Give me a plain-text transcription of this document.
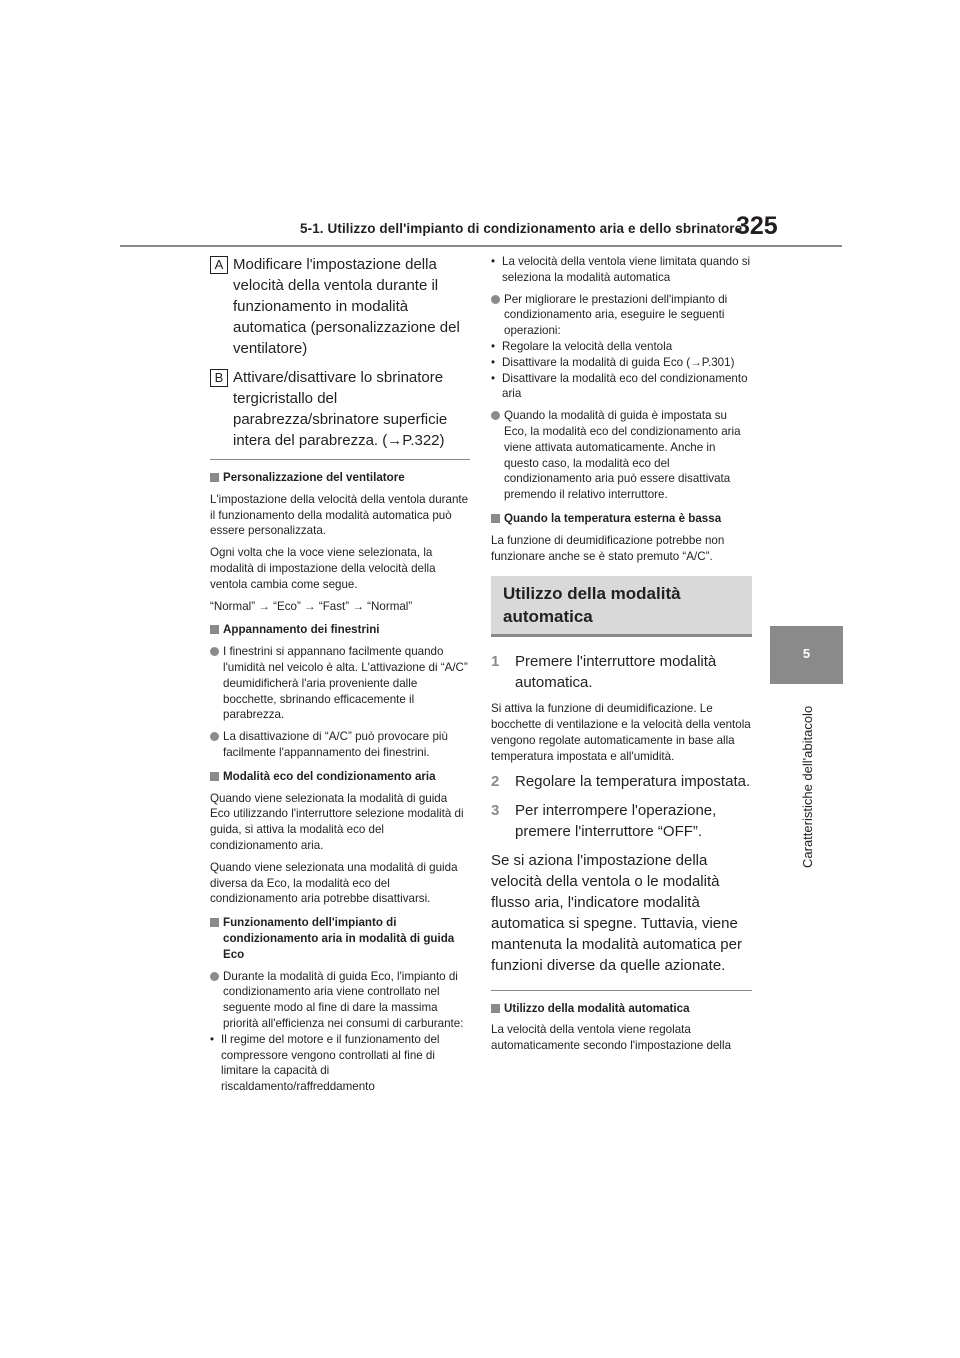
5-1. Utilizzo dell'impianto di condizionamento aria e dello sbrinatore
325
5
Caratteristiche dell'abitacolo
A Modificare l'impostazione della velocità della ventola durante il funzionamento in modalità automatica (personalizzazione del ventilatore)
B Attivare/disattivare lo sbrinatore tergicristallo del parabrezza/sbrinatore superficie intera del parabrezza. (→P.322)
Personalizzazione del ventilatore

L'impostazione della velocità della ventola durante il funzionamento della modalità automatica può essere personalizzata.

Ogni volta che la voce viene selezionata, la modalità di impostazione della velocità della ventola cambia come segue.

“Normal” → “Eco” → “Fast” → “Normal”

Appannamento dei finestrini

I finestrini si appannano facilmente quando l'umidità nel veicolo è alta. L'attivazione di “A/C” deumidificherà l'aria proveniente dalle bocchette, sbrinando efficacemente il parabrezza.

La disattivazione di “A/C” può provocare più facilmente l'appannamento dei finestrini.

Modalità eco del condizionamento aria

Quando viene selezionata la modalità di guida Eco utilizzando l'interruttore selezione modalità di guida, si attiva la modalità eco del condizionamento aria.

Quando viene selezionata una modalità di guida diversa da Eco, la modalità eco del condizionamento aria potrebbe disattivarsi.

Funzionamento dell'impianto di condizionamento aria in modalità di guida Eco

Durante la modalità di guida Eco, l'impianto di condizionamento aria viene controllato nel seguente modo al fine di dare la massima priorità all'efficienza nei consumi di carburante:

• Il regime del motore e il funzionamento del compressore vengono controllati al fine di limitare la capacità di riscaldamento/raffreddamento

• La velocità della ventola viene limitata quando si seleziona la modalità automatica

Per migliorare le prestazioni dell'impianto di condizionamento aria, eseguire le seguenti operazioni:

• Regolare la velocità della ventola

• Disattivare la modalità di guida Eco (→P.301)

• Disattivare la modalità eco del condizionamento aria

Quando la modalità di guida è impostata su Eco, la modalità eco del condizionamento aria viene attivata automaticamente. Anche in questo caso, la modalità eco del condizionamento aria può essere disattivata premendo il relativo interruttore.

Quando la temperatura esterna è bassa

La funzione di deumidificazione potrebbe non funzionare anche se è stato premuto “A/C”.

Utilizzo della modalità automatica
1 Premere l'interruttore modalità automatica.

Si attiva la funzione di deumidificazione. Le bocchette di ventilazione e la velocità della ventola vengono regolate automaticamente in base alla temperatura impostata e all'umidità.

2 Regolare la temperatura impostata.
3 Per interrompere l'operazione, premere l'interruttore “OFF”.

Se si aziona l'impostazione della velocità della ventola o le modalità flusso aria, l'indicatore modalità automatica si spegne. Tuttavia, viene mantenuta la modalità automatica per funzioni diverse da quelle azionate.

Utilizzo della modalità automatica

La velocità della ventola viene regolata automaticamente secondo l'impostazione della
